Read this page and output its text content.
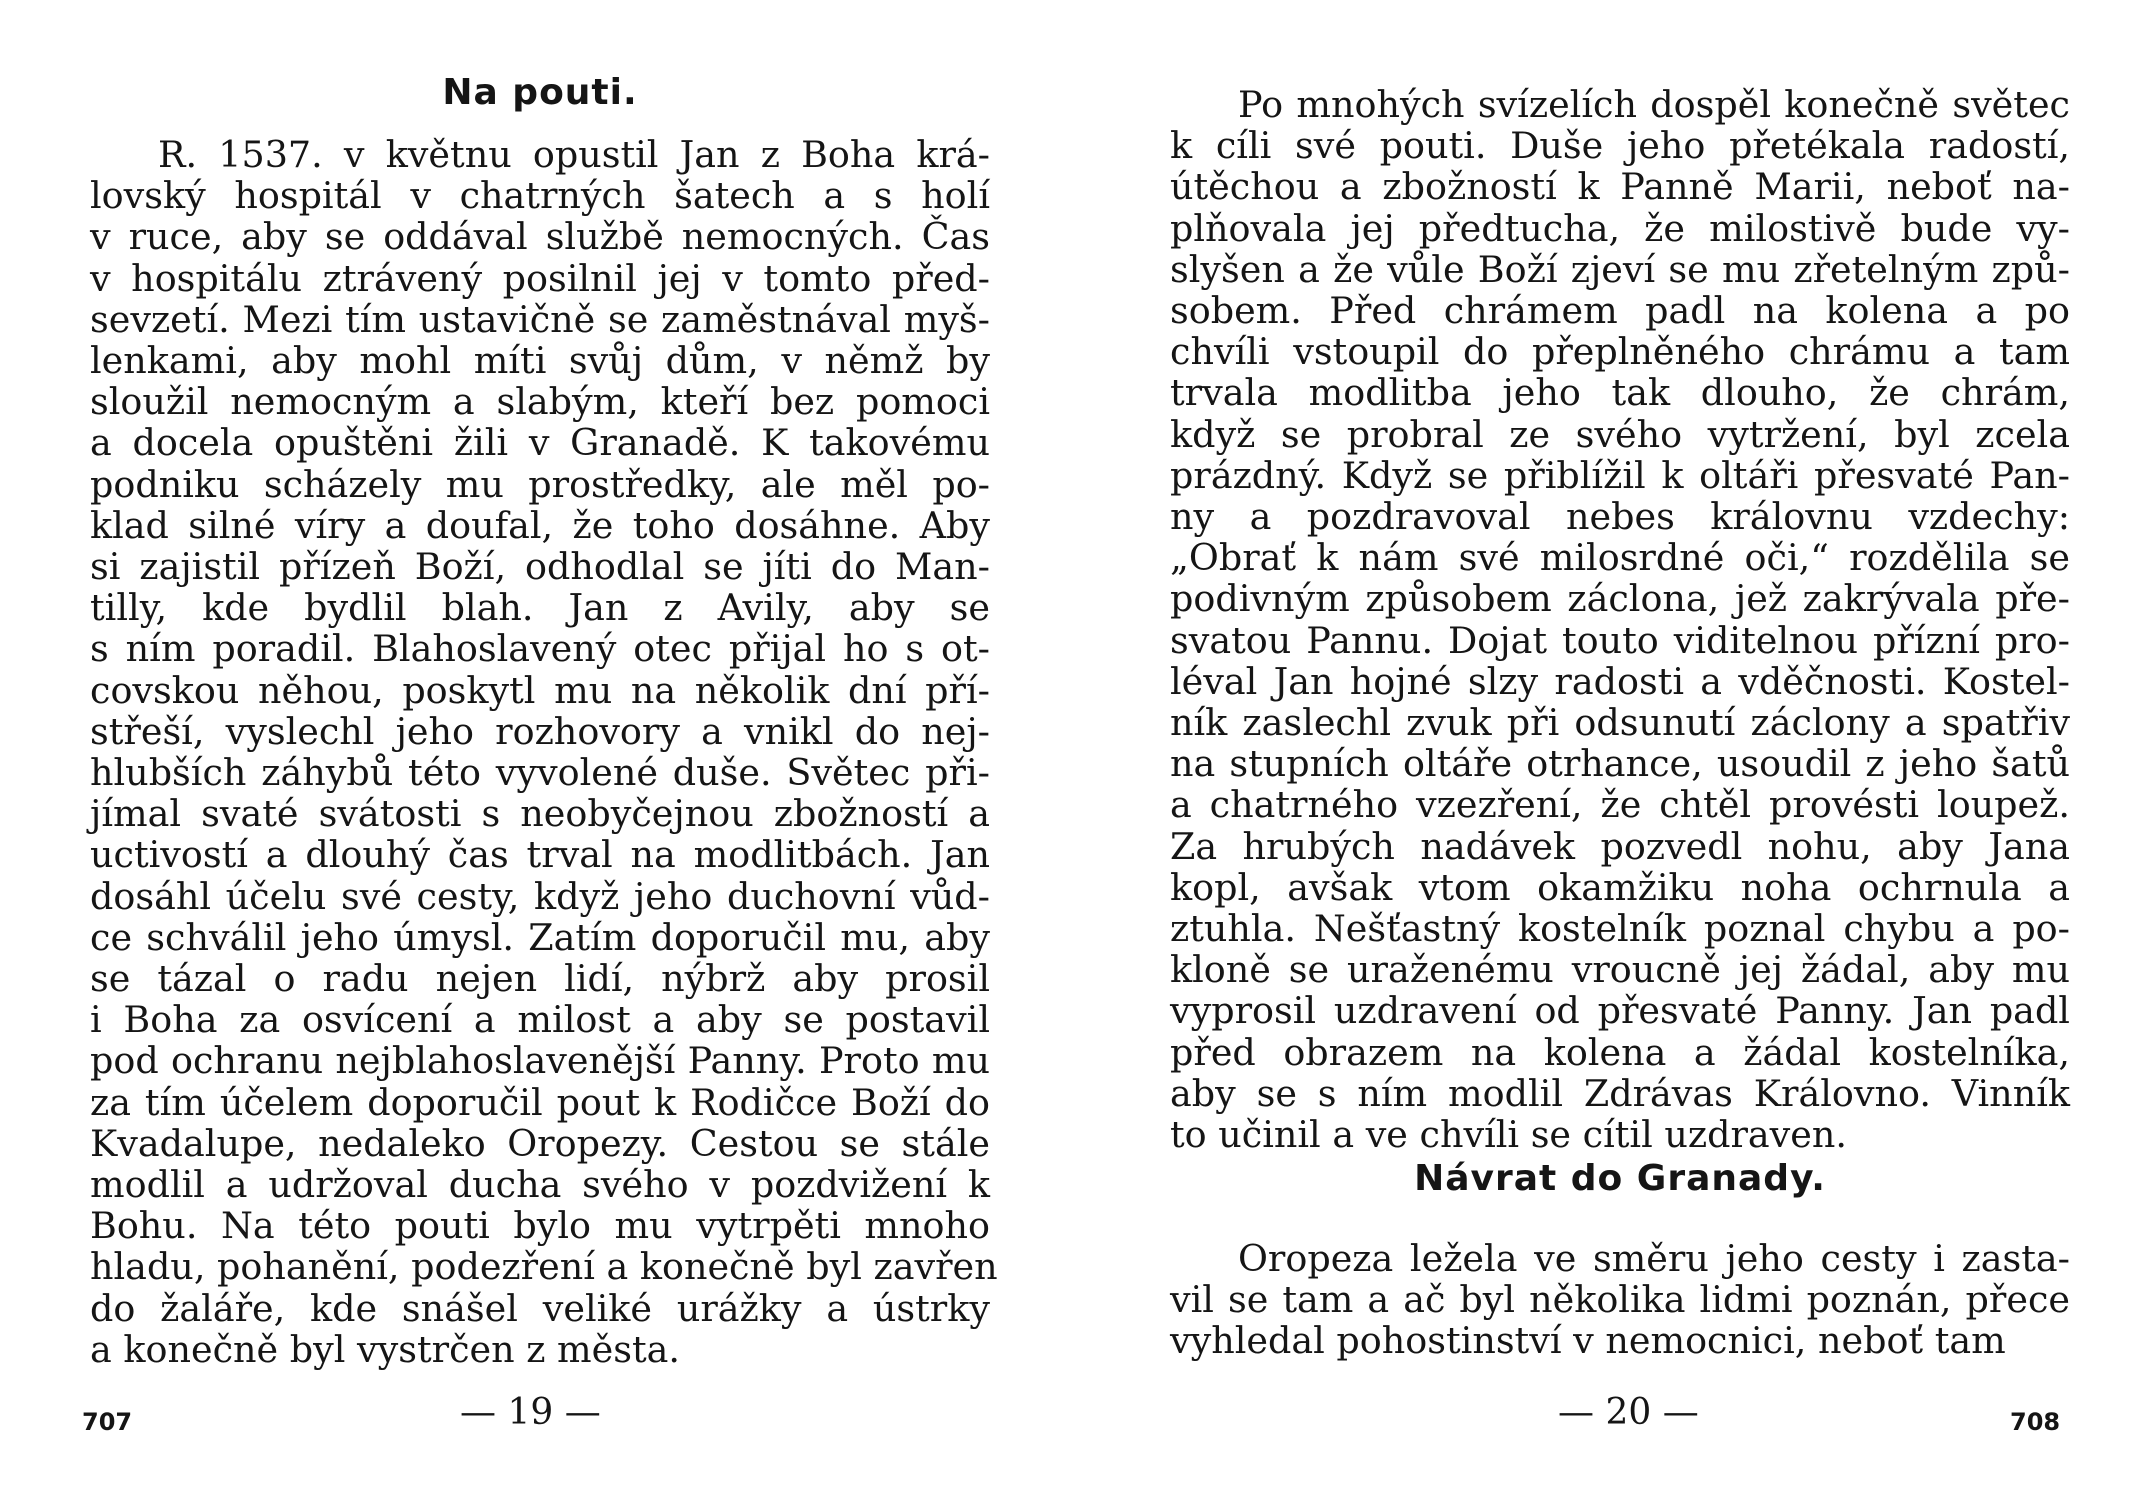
Na pouti.
R. 1537. v květnu opustil Jan z Boha krá-
lovský hospitál v chatrných šatech a s holí
v ruce, aby se oddával službě nemocných. Čas
v hospitálu ztrávený posilnil jej v tomto před-
sevzetí. Mezi tím ustavičně se zaměstnával myš-
lenkami, aby mohl míti svůj dům, v němž by
sloužil nemocným a slabým, kteří bez pomoci
a docela opuštěni žili v Granadě. K takovému
podniku scházely mu prostředky, ale měl po-
klad silné víry a doufal, že toho dosáhne. Aby
si zajistil přízeň Boží, odhodlal se jíti do Man-
tilly, kde bydlil blah. Jan z Avily, aby se
s ním poradil. Blahoslavený otec přijal ho s ot-
covskou něhou, poskytl mu na několik dní pří-
střeší, vyslechl jeho rozhovory a vnikl do nej-
hlubších záhybů této vyvolené duše. Světec při-
jímal svaté svátosti s neobyčejnou zbožností a
uctivostí a dlouhý čas trval na modlitbách. Jan
dosáhl účelu své cesty, když jeho duchovní vůd-
ce schválil jeho úmysl. Zatím doporučil mu, aby
se tázal o radu nejen lidí, nýbrž aby prosil
i Boha za osvícení a milost a aby se postavil
pod ochranu nejblahoslavenější Panny. Proto mu
za tím účelem doporučil pout k Rodičce Boží do
Kvadalupe, nedaleko Oropezy. Cestou se stále
modlil a udržoval ducha svého v pozdvižení k
Bohu. Na této pouti bylo mu vytrpěti mnoho
hladu, pohanění, podezření a konečně byl zavřen
do žaláře, kde snášel veliké urážky a ústrky
a konečně byl vystrčen z města.
707	— 19 —
Po mnohých svízelích dospěl konečně světec
k cíli své pouti. Duše jeho přetékala radostí,
útěchou a zbožností k Panně Marii, neboť na-
plňovala jej předtucha, že milostivě bude vy-
slyšen a že vůle Boží zjeví se mu zřetelným způ-
sobem. Před chrámem padl na kolena a po
chvíli vstoupil do přeplněného chrámu a tam
trvala modlitba jeho tak dlouho, že chrám,
když se probral ze svého vytržení, byl zcela
prázdný. Když se přiblížil k oltáři přesvaté Pan-
ny a pozdravoval nebes královnu vzdechy:
„Obrať k nám své milosrdné oči,“ rozdělila se
podivným způsobem záclona, jež zakrývala pře-
svatou Pannu. Dojat touto viditelnou přízní pro-
léval Jan hojné slzy radosti a vděčnosti. Kostel-
ník zaslechl zvuk při odsunutí záclony a spatřiv
na stupních oltáře otrhance, usoudil z jeho šatů
a chatrného vzezření, že chtěl provésti loupež.
Za hrubých nadávek pozvedl nohu, aby Jana
kopl, avšak vtom okamžiku noha ochrnula a
ztuhla. Nešťastný kostelník poznal chybu a po-
kloně se uraženému vroucně jej žádal, aby mu
vyprosil uzdravení od přesvaté Panny. Jan padl
před obrazem na kolena a žádal kostelníka,
aby se s ním modlil Zdrávas Královno. Vinník
to učinil a ve chvíli se cítil uzdraven.
Návrat do Granady.
Oropeza ležela ve směru jeho cesty i zasta-
vil se tam a ač byl několika lidmi poznán, přece
vyhledal pohostinství v nemocnici, neboť tam
— 20 —	708
